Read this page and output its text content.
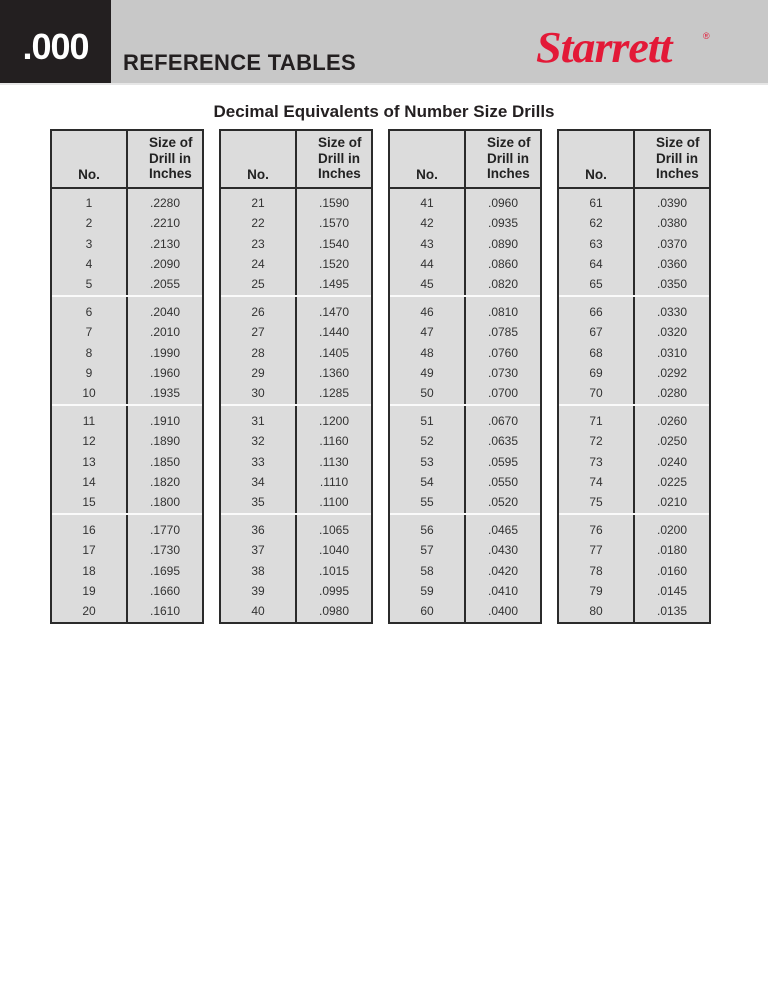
.000	REFERENCE TABLES	Starrett	®
Decimal Equivalents of Number Size Drills
No.
Size of
Drill in
Inches
1	.2280
2	.2210
3	.2130
4	.2090
5	.2055
6	.2040
7	.2010
8	.1990
9	.1960
10	.1935
11	.1910
12	.1890
13	.1850
14	.1820
15	.1800
16	.1770
17	.1730
18	.1695
19	.1660
20	.1610
No.
Size of
Drill in
Inches
21	.1590
22	.1570
23	.1540
24	.1520
25	.1495
26	.1470
27	.1440
28	.1405
29	.1360
30	.1285
31	.1200
32	.1160
33	.1130
34	.1110
35	.1100
36	.1065
37	.1040
38	.1015
39	.0995
40	.0980
No.
Size of
Drill in
Inches
41	.0960
42	.0935
43	.0890
44	.0860
45	.0820
46	.0810
47	.0785
48	.0760
49	.0730
50	.0700
51	.0670
52	.0635
53	.0595
54	.0550
55	.0520
56	.0465
57	.0430
58	.0420
59	.0410
60	.0400
No.
Size of
Drill in
Inches
61	.0390
62	.0380
63	.0370
64	.0360
65	.0350
66	.0330
67	.0320
68	.0310
69	.0292
70	.0280
71	.0260
72	.0250
73	.0240
74	.0225
75	.0210
76	.0200
77	.0180
78	.0160
79	.0145
80	.0135
